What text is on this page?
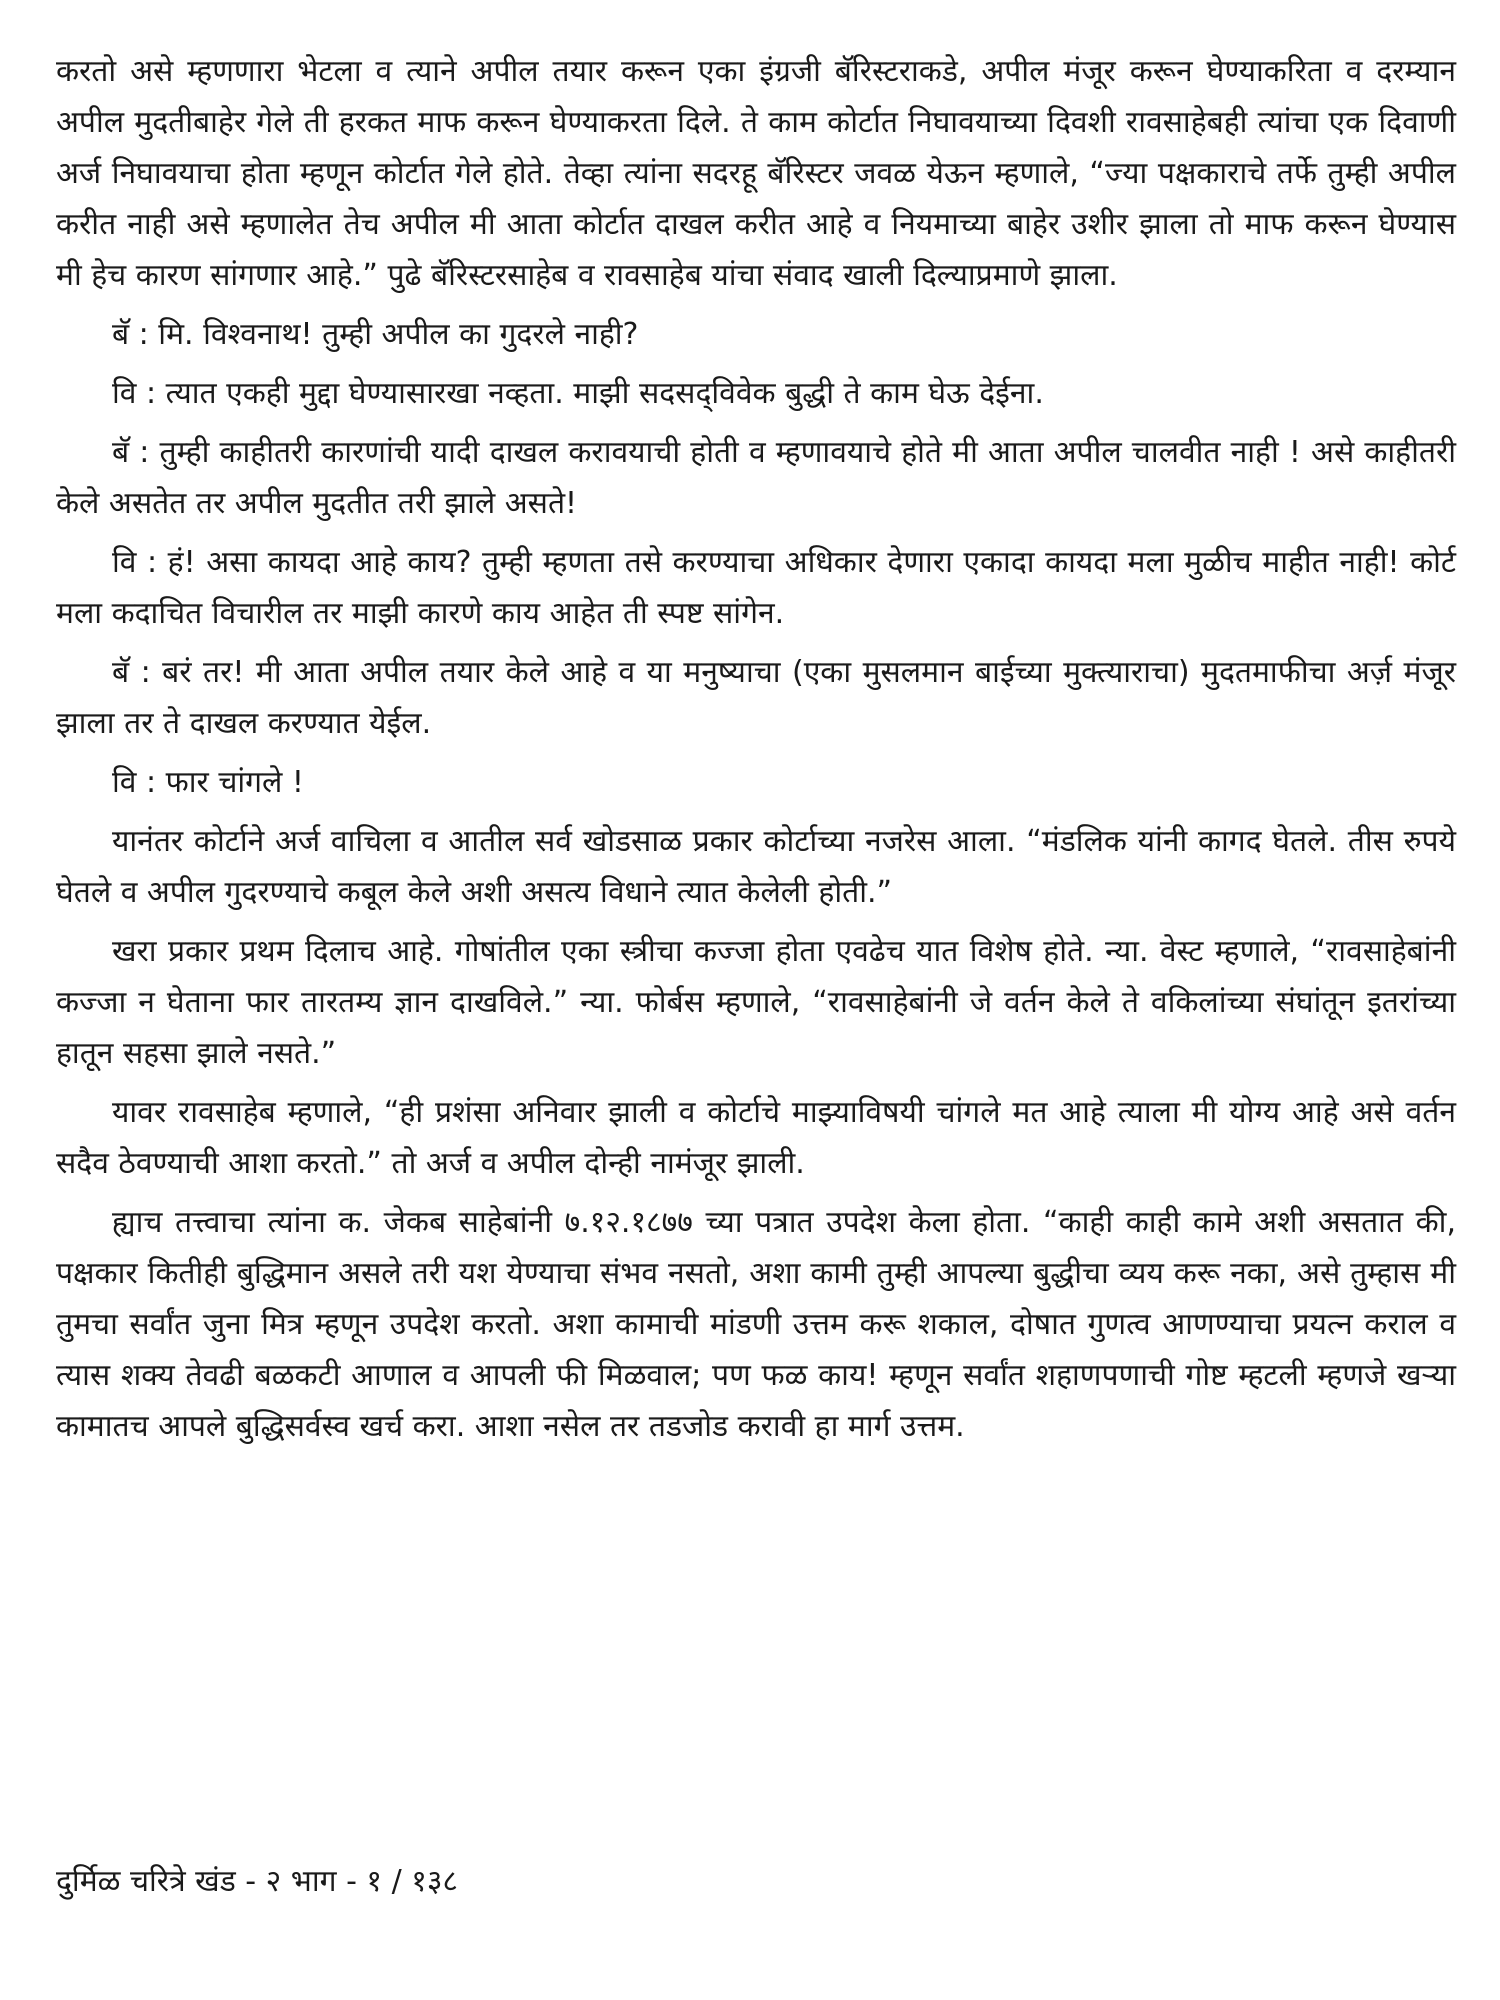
करतो असे म्हणणारा भेटला व त्याने अपील तयार करून एका इंग्रजी बॅरिस्टराकडे, अपील मंजूर करून घेण्याकरिता व दरम्यान अपील मुदतीबाहेर गेले ती हरकत माफ करून घेण्याकरता दिले. ते काम कोर्टात निघावयाच्या दिवशी रावसाहेबही त्यांचा एक दिवाणी अर्ज निघावयाचा होता म्हणून कोर्टात गेले होते. तेव्हा त्यांना सदरहू बॅरिस्टर जवळ येऊन म्हणाले, “ज्या पक्षकाराचे तर्फे तुम्ही अपील करीत नाही असे म्हणालेत तेच अपील मी आता कोर्टात दाखल करीत आहे व नियमाच्या बाहेर उशीर झाला तो माफ करून घेण्यास मी हेच कारण सांगणार आहे.” पुढे बॅरिस्टरसाहेब व रावसाहेब यांचा संवाद खाली दिल्याप्रमाणे झाला.

बॅ : मि. विश्वनाथ! तुम्ही अपील का गुदरले नाही?

वि : त्यात एकही मुद्दा घेण्यासारखा नव्हता. माझी सदसद्‌विवेक बुद्धी ते काम घेऊ देईना.

बॅ : तुम्ही काहीतरी कारणांची यादी दाखल करावयाची होती व म्हणावयाचे होते मी आता अपील चालवीत नाही ! असे काहीतरी केले असतेत तर अपील मुदतीत तरी झाले असते!

वि : हं! असा कायदा आहे काय? तुम्ही म्हणता तसे करण्याचा अधिकार देणारा एकादा कायदा मला मुळीच माहीत नाही! कोर्ट मला कदाचित विचारील तर माझी कारणे काय आहेत ती स्पष्ट सांगेन.

बॅ : बरं तर! मी आता अपील तयार केले आहे व या मनुष्याचा (एका मुसलमान बाईच्या मुक्त्याराचा) मुदतमाफीचा अर्ज़ मंजूर झाला तर ते दाखल करण्यात येईल.

वि : फार चांगले !

यानंतर कोर्टाने अर्ज वाचिला व आतील सर्व खोडसाळ प्रकार कोर्टाच्या नजरेस आला. “मंडलिक यांनी कागद घेतले. तीस रुपये घेतले व अपील गुदरण्याचे कबूल केले अशी असत्य विधाने त्यात केलेली होती.”

खरा प्रकार प्रथम दिलाच आहे. गोषांतील एका स्त्रीचा कज्जा होता एवढेच यात विशेष होते. न्या. वेस्ट म्हणाले, “रावसाहेबांनी कज्जा न घेताना फार तारतम्य ज्ञान दाखविले.” न्या. फोर्बस म्हणाले, “रावसाहेबांनी जे वर्तन केले ते वकिलांच्या संघांतून इतरांच्या हातून सहसा झाले नसते.”

यावर रावसाहेब म्हणाले, “ही प्रशंसा अनिवार झाली व कोर्टाचे माझ्याविषयी चांगले मत आहे त्याला मी योग्य आहे असे वर्तन सदैव ठेवण्याची आशा करतो.” तो अर्ज व अपील दोन्ही नामंजूर झाली.

ह्याच तत्त्वाचा त्यांना क. जेकब साहेबांनी ७.१२.१८७७ च्या पत्रात उपदेश केला होता. “काही काही कामे अशी असतात की, पक्षकार कितीही बुद्धिमान असले तरी यश येण्याचा संभव नसतो, अशा कामी तुम्ही आपल्या बुद्धीचा व्यय करू नका, असे तुम्हास मी तुमचा सर्वांत जुना मित्र म्हणून उपदेश करतो. अशा कामाची मांडणी उत्तम करू शकाल, दोषात गुणत्व आणण्याचा प्रयत्न कराल व त्यास शक्य तेवढी बळकटी आणाल व आपली फी मिळवाल; पण फळ काय! म्हणून सर्वांत शहाणपणाची गोष्ट म्हटली म्हणजे खऱ्या कामातच आपले बुद्धिसर्वस्व खर्च करा. आशा नसेल तर तडजोड करावी हा मार्ग उत्तम.

दुर्मिळ चरित्रे खंड - २ भाग - १ / १३८
